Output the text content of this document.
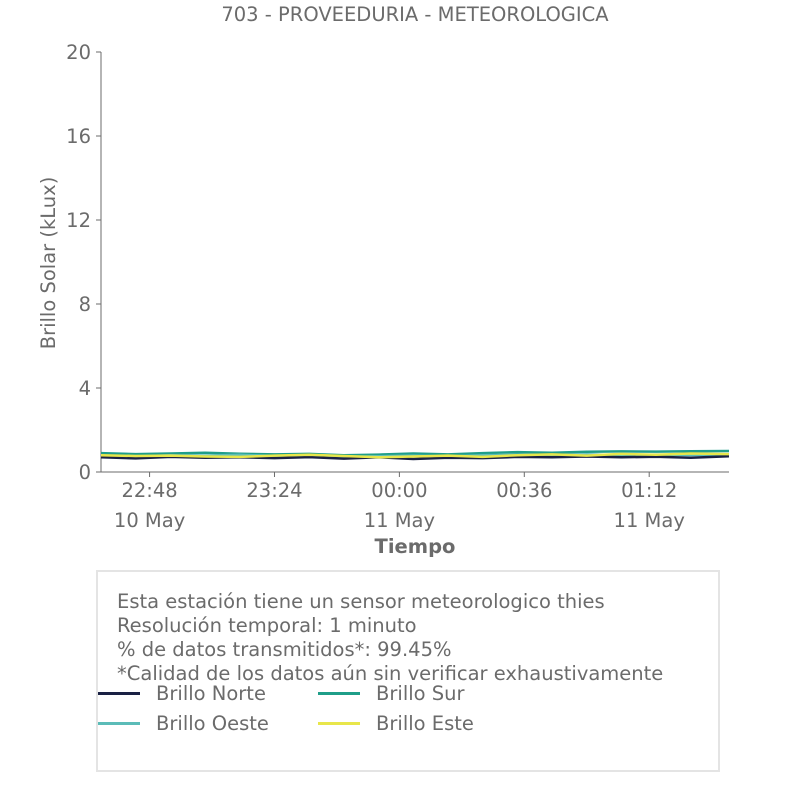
703 - PROVEEDURIA - METEOROLOGICA
0
4
8
12
16
20
22:48
10 May
23:24	00:00
11 May
00:36	01:12
11 May
Brillo Solar (kLux)
Tiempo
Esta estación tiene un sensor meteorologico thies
Resolución temporal: 1 minuto
% de datos transmitidos*: 99.45%
*Calidad de los datos aún sin verificar exhaustivamente
Brillo Norte	Brillo Sur
Brillo Oeste	Brillo Este
